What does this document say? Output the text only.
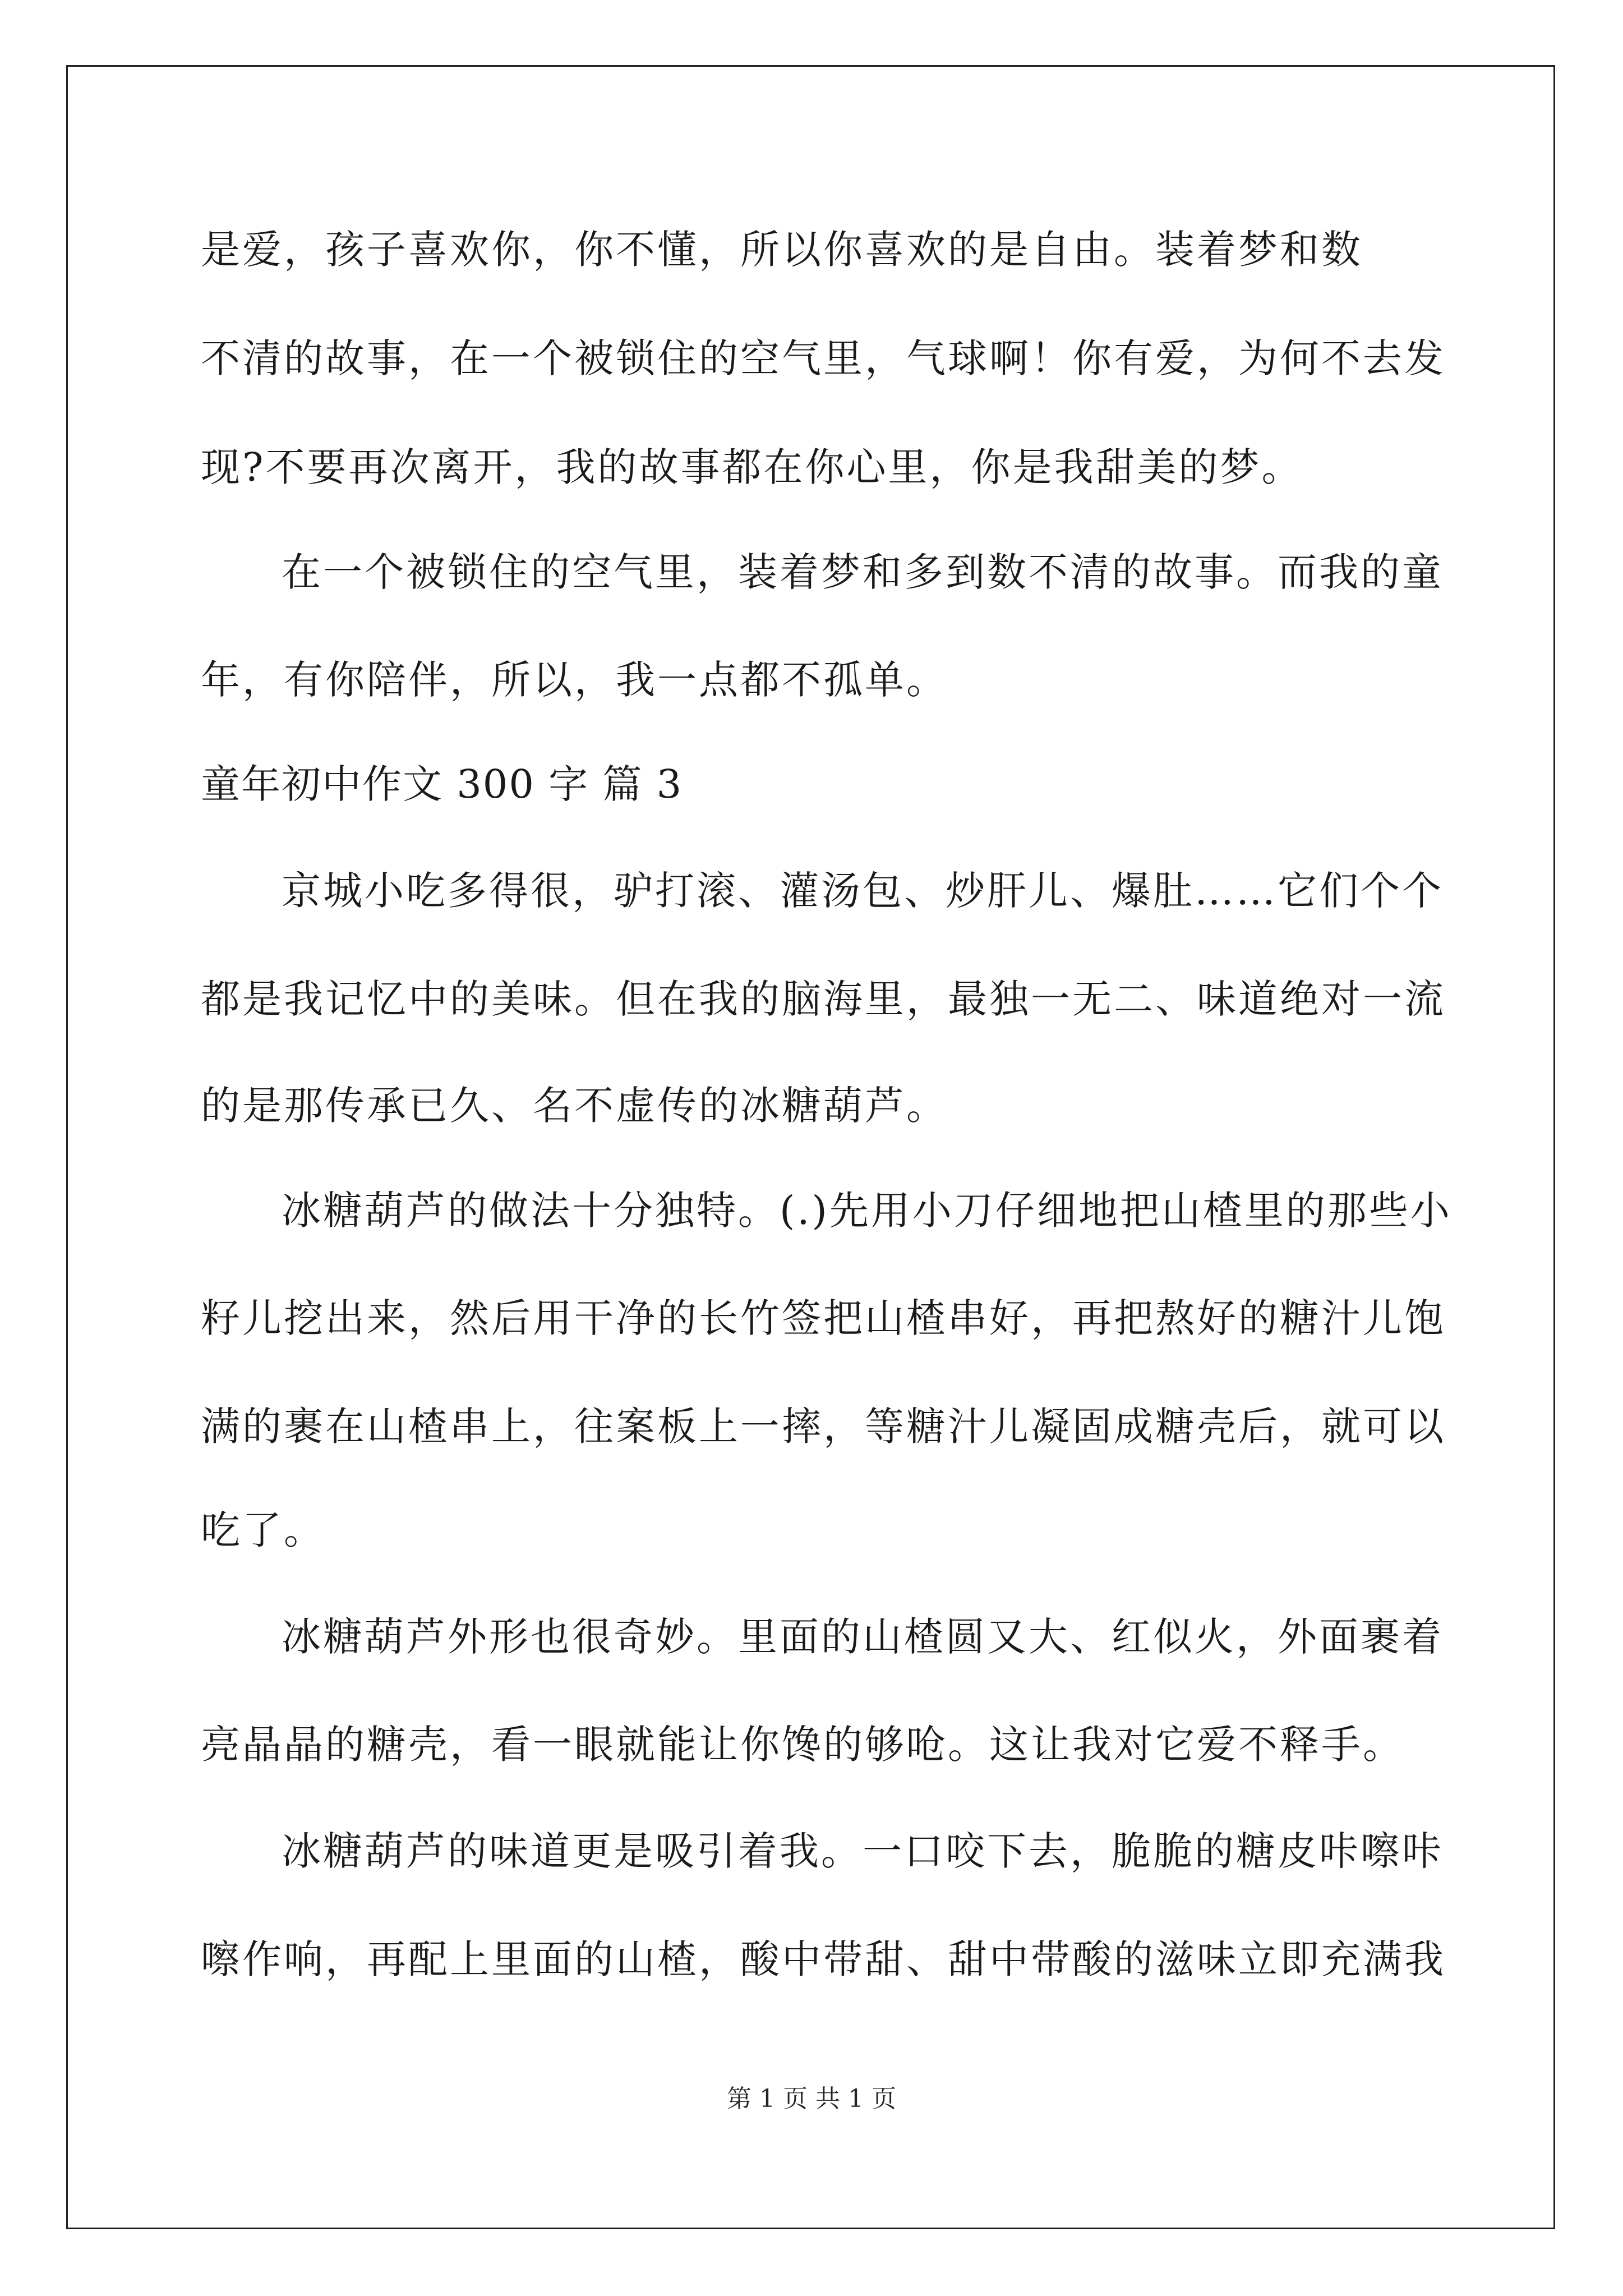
是爱，孩子喜欢你，你不懂，所以你喜欢的是自由。装着梦和数
不清的故事，在一个被锁住的空气里，气球啊！你有爱，为何不去发
现?不要再次离开，我的故事都在你心里，你是我甜美的梦。
在一个被锁住的空气里，装着梦和多到数不清的故事。而我的童
年，有你陪伴，所以，我一点都不孤单。
童年初中作文 300 字 篇 3
京城小吃多得很，驴打滚、灌汤包、炒肝儿、爆肚……它们个个
都是我记忆中的美味。但在我的脑海里，最独一无二、味道绝对一流
的是那传承已久、名不虚传的冰糖葫芦。
冰糖葫芦的做法十分独特。(.)先用小刀仔细地把山楂里的那些小
籽儿挖出来，然后用干净的长竹签把山楂串好，再把熬好的糖汁儿饱
满的裹在山楂串上，往案板上一摔，等糖汁儿凝固成糖壳后，就可以
吃了。
冰糖葫芦外形也很奇妙。里面的山楂圆又大、红似火，外面裹着
亮晶晶的糖壳，看一眼就能让你馋的够呛。这让我对它爱不释手。
冰糖葫芦的味道更是吸引着我。一口咬下去，脆脆的糖皮咔嚓咔
嚓作响，再配上里面的山楂，酸中带甜、甜中带酸的滋味立即充满我
第 1 页 共 1 页
